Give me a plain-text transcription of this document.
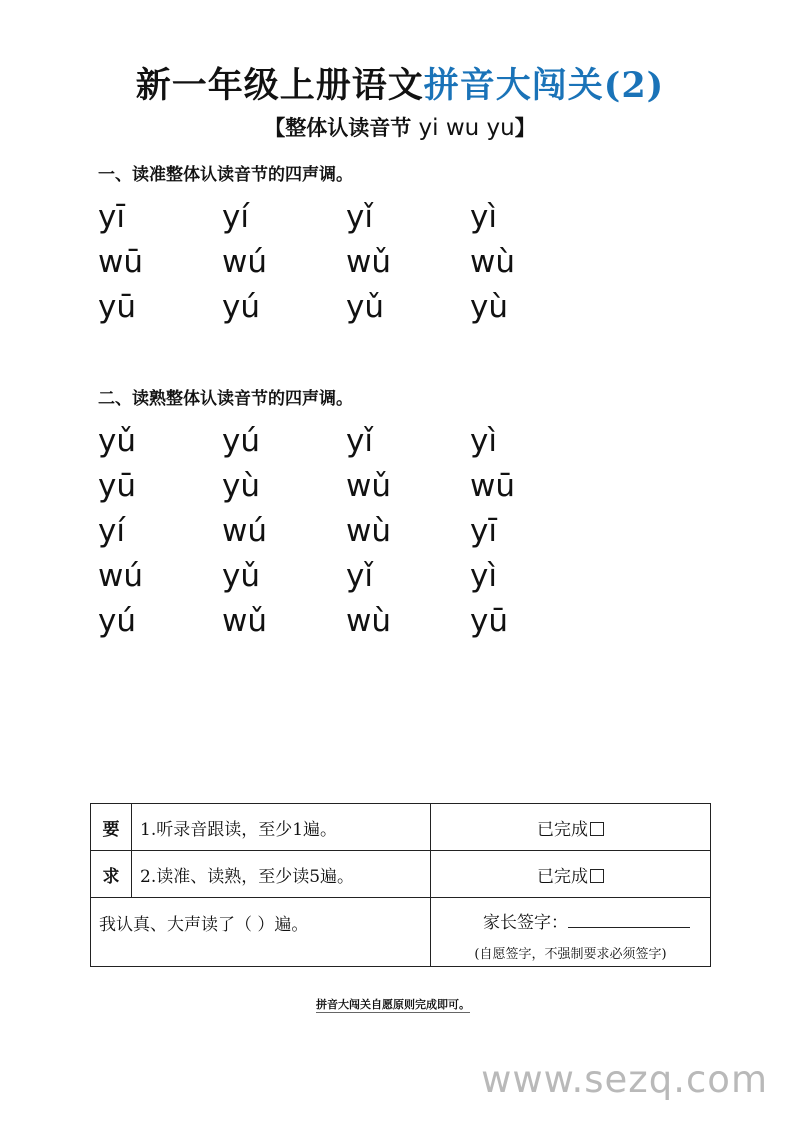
新一年级上册语文拼音大闯关(2)
【整体认读音节 yi wu yu】
一、读准整体认读音节的四声调。
yī	yí	yǐ	yì
wū	wú	wǔ	wù
yū	yú	yǔ	yù
二、读熟整体认读音节的四声调。
yǔ	yú	yǐ	yì
yū	yù	wǔ	wū
yí	wú	wù	yī
wú	yǔ	yǐ	yì
yú	wǔ	wù	yū
要	1.听录音跟读，至少1遍。	已完成
求	2.读准、读熟，至少读5遍。	已完成
我认真、大声读了（ ）遍。		家长签字：
(自愿签字，不强制要求必须签字)
拼音大闯关自愿原则完成即可。
www.sezq.com
